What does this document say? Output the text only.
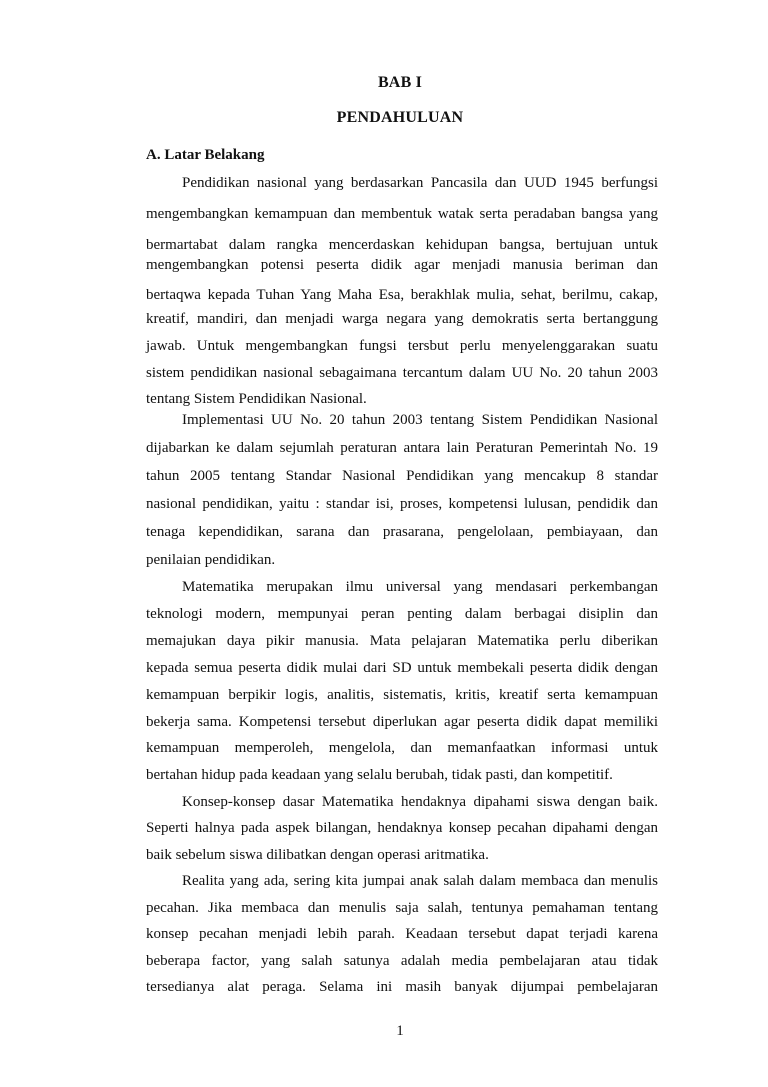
BAB I
PENDAHULUAN
A. Latar Belakang
Pendidikan nasional yang berdasarkan Pancasila dan UUD 1945 berfungsi
mengembangkan kemampuan dan membentuk watak serta peradaban bangsa yang
bermartabat dalam rangka mencerdaskan kehidupan bangsa, bertujuan untuk
mengembangkan potensi peserta didik agar menjadi manusia beriman dan
bertaqwa kepada Tuhan Yang Maha Esa, berakhlak mulia, sehat, berilmu, cakap,
kreatif, mandiri, dan menjadi warga negara yang demokratis serta bertanggung
jawab. Untuk mengembangkan fungsi tersbut perlu menyelenggarakan suatu
sistem pendidikan nasional sebagaimana tercantum dalam UU No. 20 tahun 2003
tentang Sistem Pendidikan Nasional.
Implementasi UU No. 20 tahun 2003 tentang Sistem Pendidikan Nasional
dijabarkan ke dalam sejumlah peraturan antara lain Peraturan Pemerintah No. 19
tahun 2005 tentang Standar Nasional Pendidikan yang mencakup 8 standar
nasional pendidikan, yaitu : standar isi, proses, kompetensi lulusan, pendidik dan
tenaga kependidikan, sarana dan prasarana, pengelolaan, pembiayaan, dan
penilaian pendidikan.
Matematika merupakan ilmu universal yang mendasari perkembangan
teknologi modern, mempunyai peran penting dalam berbagai disiplin dan
memajukan daya pikir manusia. Mata pelajaran Matematika perlu diberikan
kepada semua peserta didik mulai dari SD untuk membekali peserta didik dengan
kemampuan berpikir logis, analitis, sistematis, kritis, kreatif serta kemampuan
bekerja sama. Kompetensi tersebut diperlukan agar peserta didik dapat memiliki
kemampuan memperoleh, mengelola, dan memanfaatkan informasi untuk
bertahan hidup pada keadaan yang selalu berubah, tidak pasti, dan kompetitif.
Konsep-konsep dasar Matematika hendaknya dipahami siswa dengan baik.
Seperti halnya pada aspek bilangan, hendaknya konsep pecahan dipahami dengan
baik sebelum siswa dilibatkan dengan operasi aritmatika.
Realita yang ada, sering kita jumpai anak salah dalam membaca dan menulis
pecahan. Jika membaca dan menulis saja salah, tentunya pemahaman tentang
konsep pecahan menjadi lebih parah. Keadaan tersebut dapat terjadi karena
beberapa factor, yang salah satunya adalah media pembelajaran atau tidak
tersedianya alat peraga. Selama ini masih banyak dijumpai pembelajaran
1
